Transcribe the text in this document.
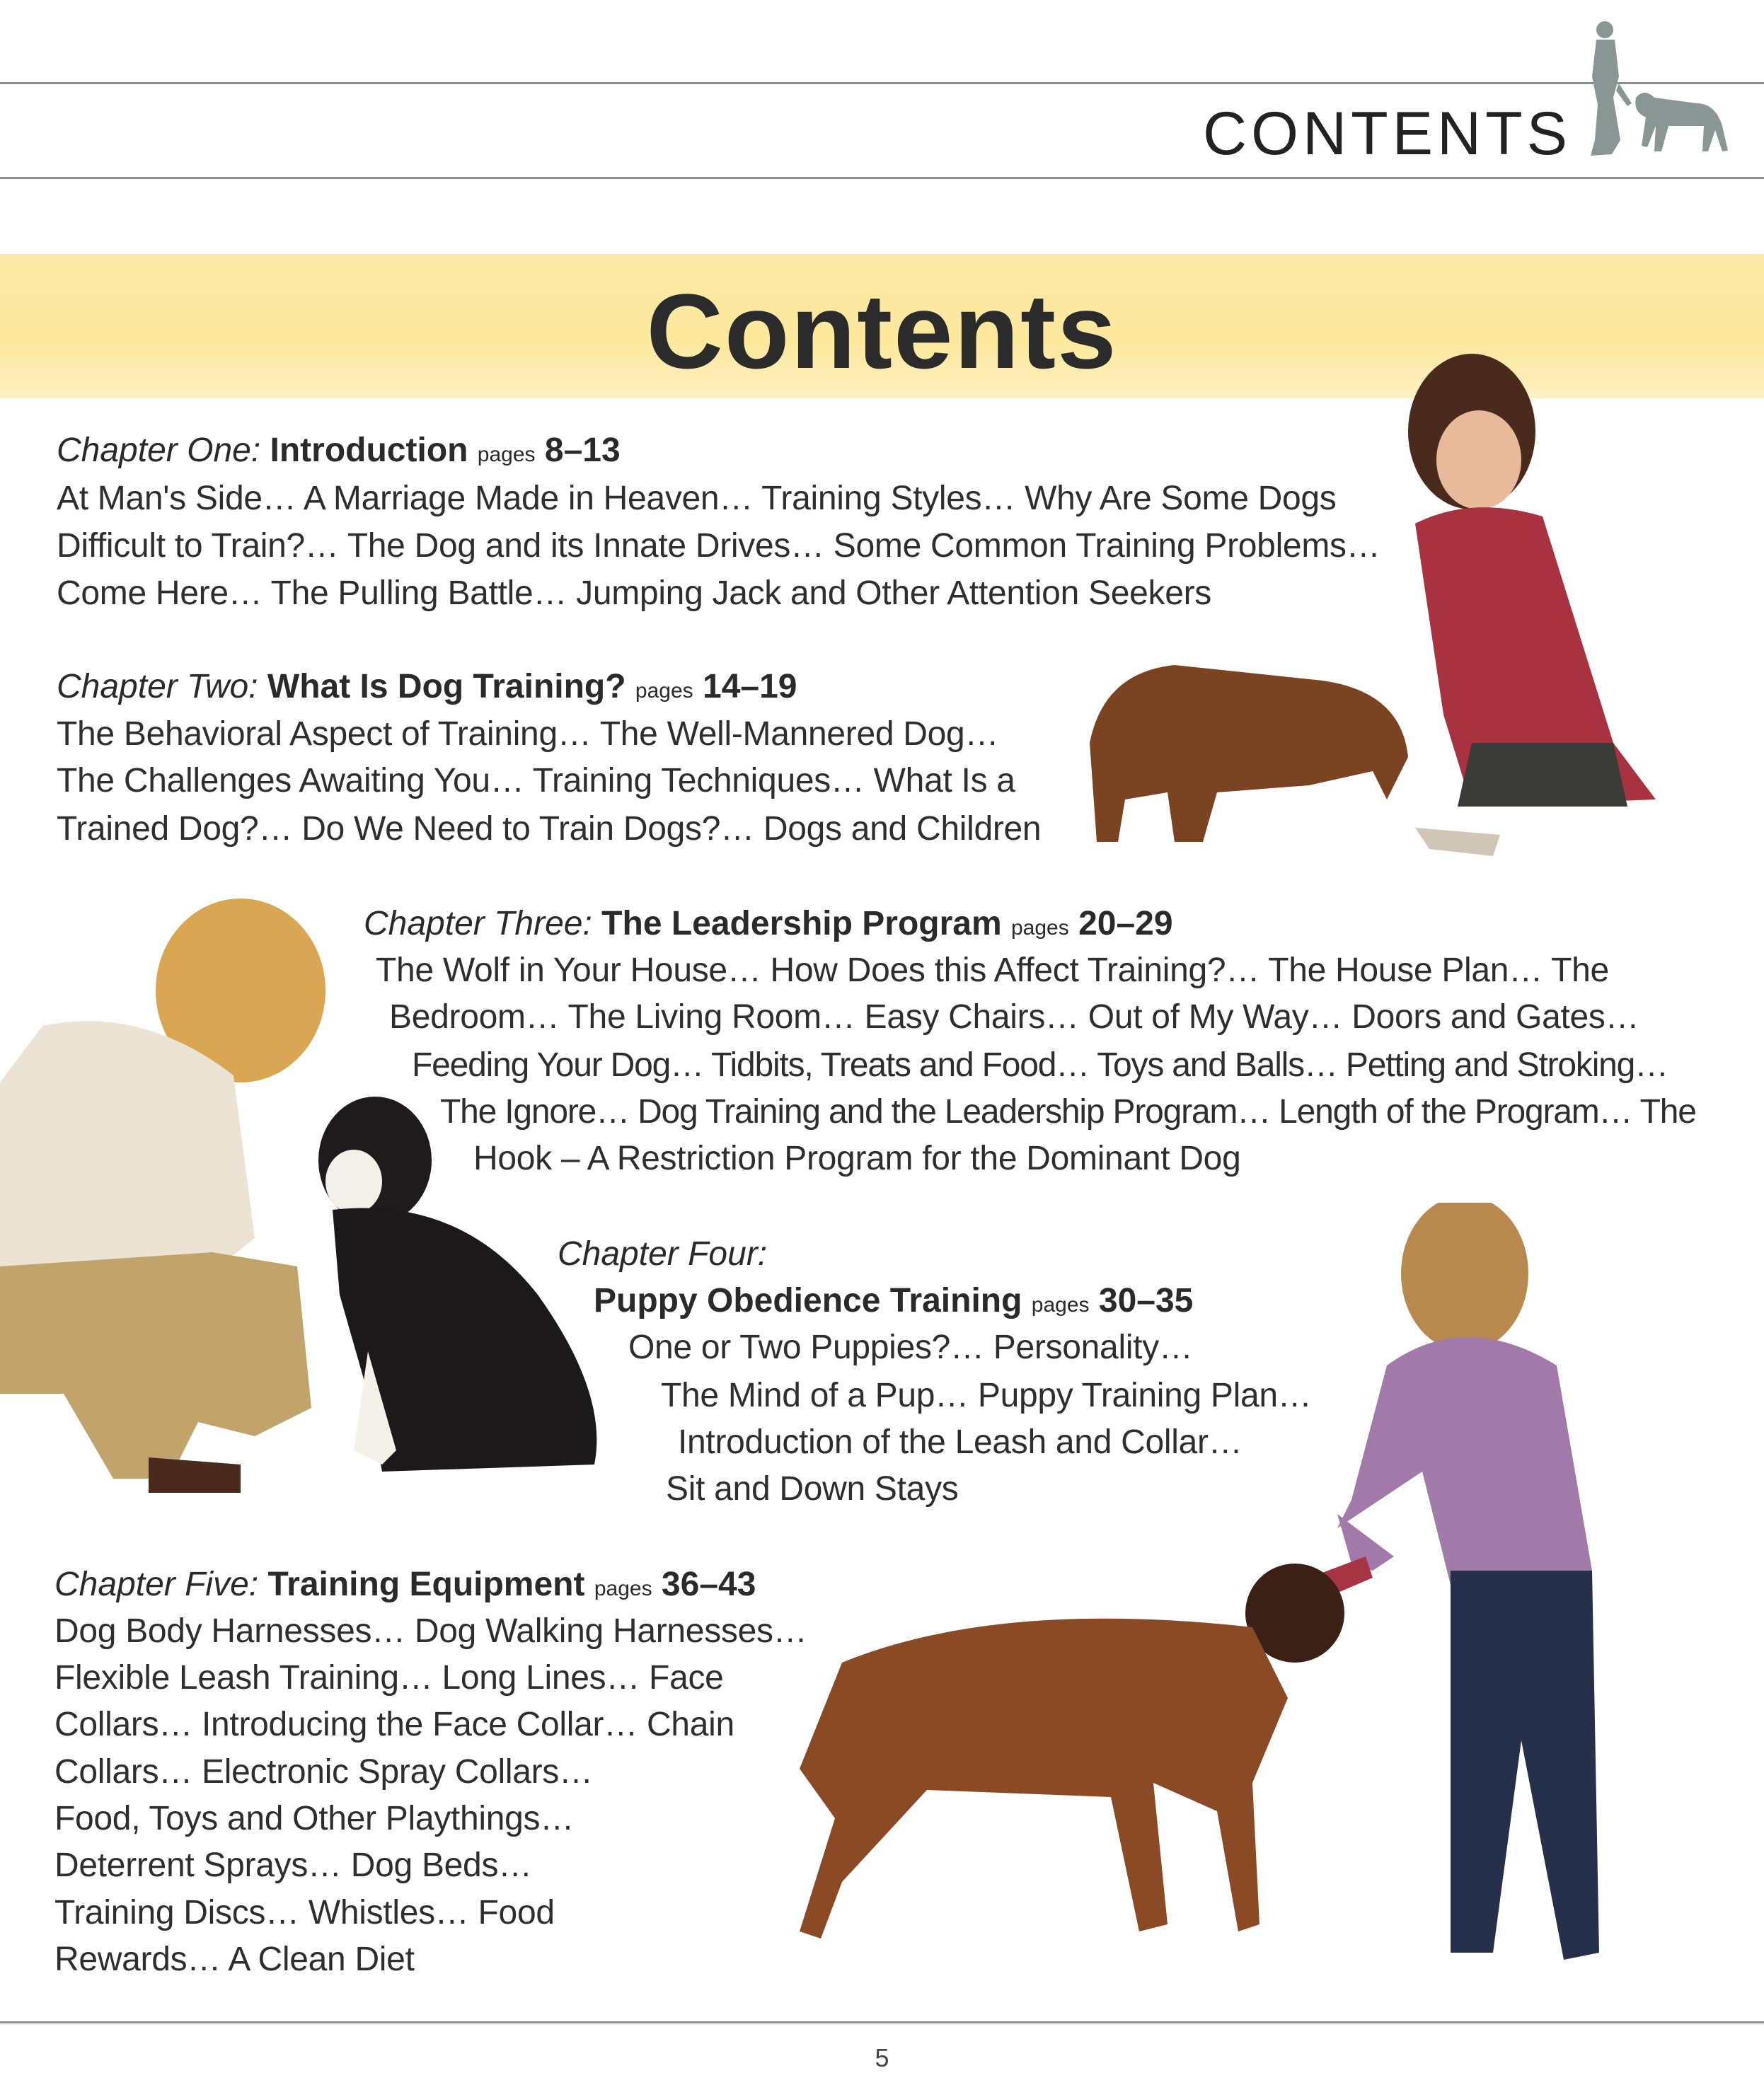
CONTENTS
Contents
Chapter One: Introduction pages 8–13
At Man's Side… A Marriage Made in Heaven… Training Styles… Why Are Some Dogs
Difficult to Train?… The Dog and its Innate Drives… Some Common Training Problems…
Come Here… The Pulling Battle… Jumping Jack and Other Attention Seekers
Chapter Two: What Is Dog Training? pages 14–19
The Behavioral Aspect of Training… The Well-Mannered Dog…
The Challenges Awaiting You… Training Techniques… What Is a
Trained Dog?… Do We Need to Train Dogs?… Dogs and Children
Chapter Three: The Leadership Program pages 20–29
The Wolf in Your House… How Does this Affect Training?… The House Plan… The
Bedroom… The Living Room… Easy Chairs… Out of My Way… Doors and Gates…
Feeding Your Dog… Tidbits, Treats and Food… Toys and Balls… Petting and Stroking…
The Ignore… Dog Training and the Leadership Program… Length of the Program… The
Hook – A Restriction Program for the Dominant Dog
Chapter Four:
Puppy Obedience Training pages 30–35
One or Two Puppies?… Personality…
The Mind of a Pup… Puppy Training Plan…
Introduction of the Leash and Collar…
Sit and Down Stays
Chapter Five: Training Equipment pages 36–43
Dog Body Harnesses… Dog Walking Harnesses…
Flexible Leash Training… Long Lines… Face
Collars… Introducing the Face Collar… Chain
Collars… Electronic Spray Collars…
Food, Toys and Other Playthings…
Deterrent Sprays… Dog Beds…
Training Discs… Whistles… Food
Rewards… A Clean Diet
5
